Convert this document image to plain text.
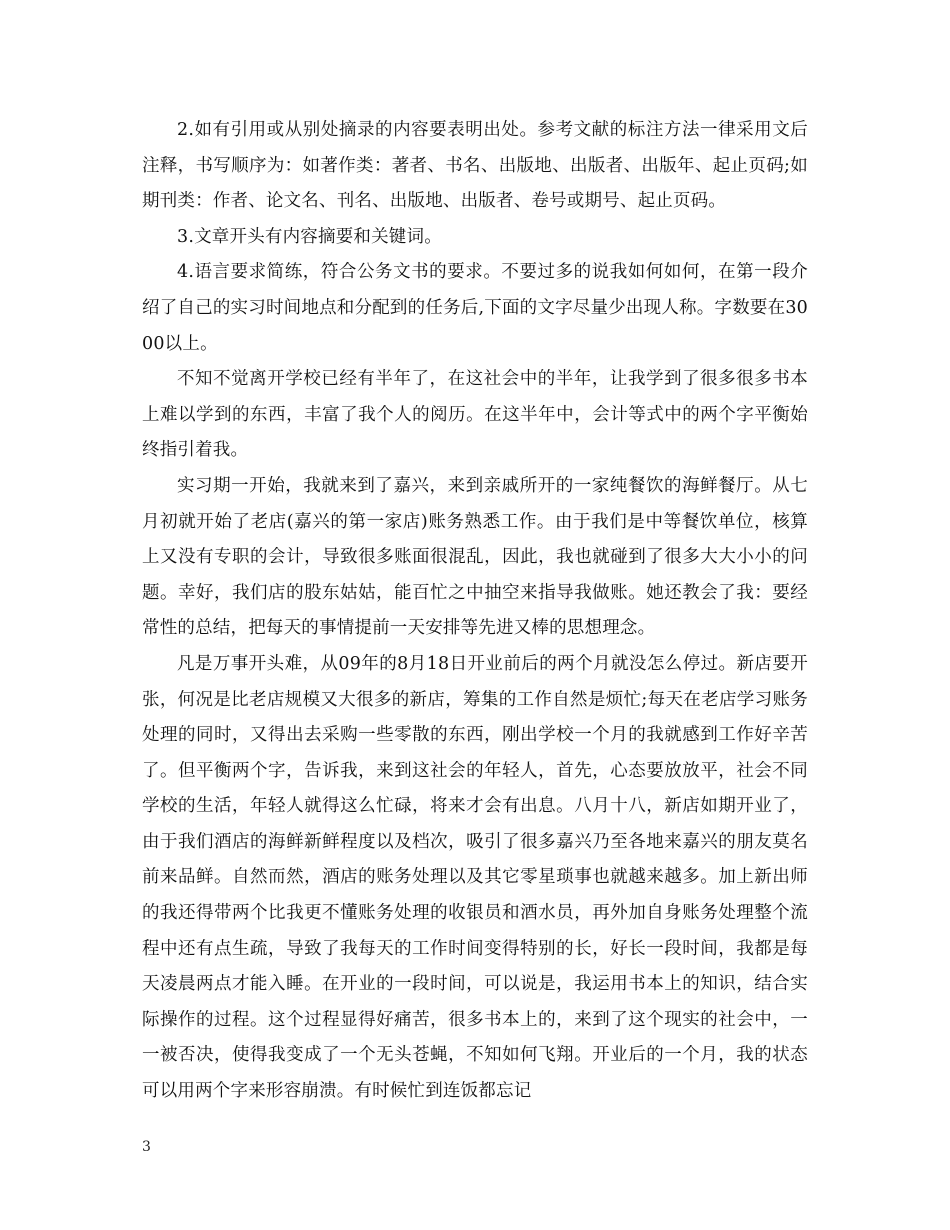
2.如有引用或从别处摘录的内容要表明出处。参考文献的标注方法一律采用文后注释，书写顺序为：如著作类：著者、书名、出版地、出版者、出版年、起止页码;如期刊类：作者、论文名、刊名、出版地、出版者、卷号或期号、起止页码。

3.文章开头有内容摘要和关键词。

4.语言要求简练，符合公务文书的要求。不要过多的说我如何如何，在第一段介绍了自己的实习时间地点和分配到的任务后,下面的文字尽量少出现人称。字数要在3000以上。

不知不觉离开学校已经有半年了，在这社会中的半年，让我学到了很多很多书本上难以学到的东西，丰富了我个人的阅历。在这半年中，会计等式中的两个字平衡始终指引着我。

实习期一开始，我就来到了嘉兴，来到亲戚所开的一家纯餐饮的海鲜餐厅。从七月初就开始了老店(嘉兴的第一家店)账务熟悉工作。由于我们是中等餐饮单位，核算上又没有专职的会计，导致很多账面很混乱，因此，我也就碰到了很多大大小小的问题。幸好，我们店的股东姑姑，能百忙之中抽空来指导我做账。她还教会了我：要经常性的总结，把每天的事情提前一天安排等先进又棒的思想理念。

凡是万事开头难，从09年的8月18日开业前后的两个月就没怎么停过。新店要开张，何况是比老店规模又大很多的新店，筹集的工作自然是烦忙;每天在老店学习账务处理的同时，又得出去采购一些零散的东西，刚出学校一个月的我就感到工作好辛苦了。但平衡两个字，告诉我，来到这社会的年轻人，首先，心态要放放平，社会不同学校的生活，年轻人就得这么忙碌，将来才会有出息。八月十八，新店如期开业了，由于我们酒店的海鲜新鲜程度以及档次，吸引了很多嘉兴乃至各地来嘉兴的朋友莫名前来品鲜。自然而然，酒店的账务处理以及其它零星琐事也就越来越多。加上新出师的我还得带两个比我更不懂账务处理的收银员和酒水员，再外加自身账务处理整个流程中还有点生疏，导致了我每天的工作时间变得特别的长，好长一段时间，我都是每天凌晨两点才能入睡。在开业的一段时间，可以说是，我运用书本上的知识，结合实际操作的过程。这个过程显得好痛苦，很多书本上的，来到了这个现实的社会中，一一被否决，使得我变成了一个无头苍蝇，不知如何飞翔。开业后的一个月，我的状态可以用两个字来形容崩溃。有时候忙到连饭都忘记

3
